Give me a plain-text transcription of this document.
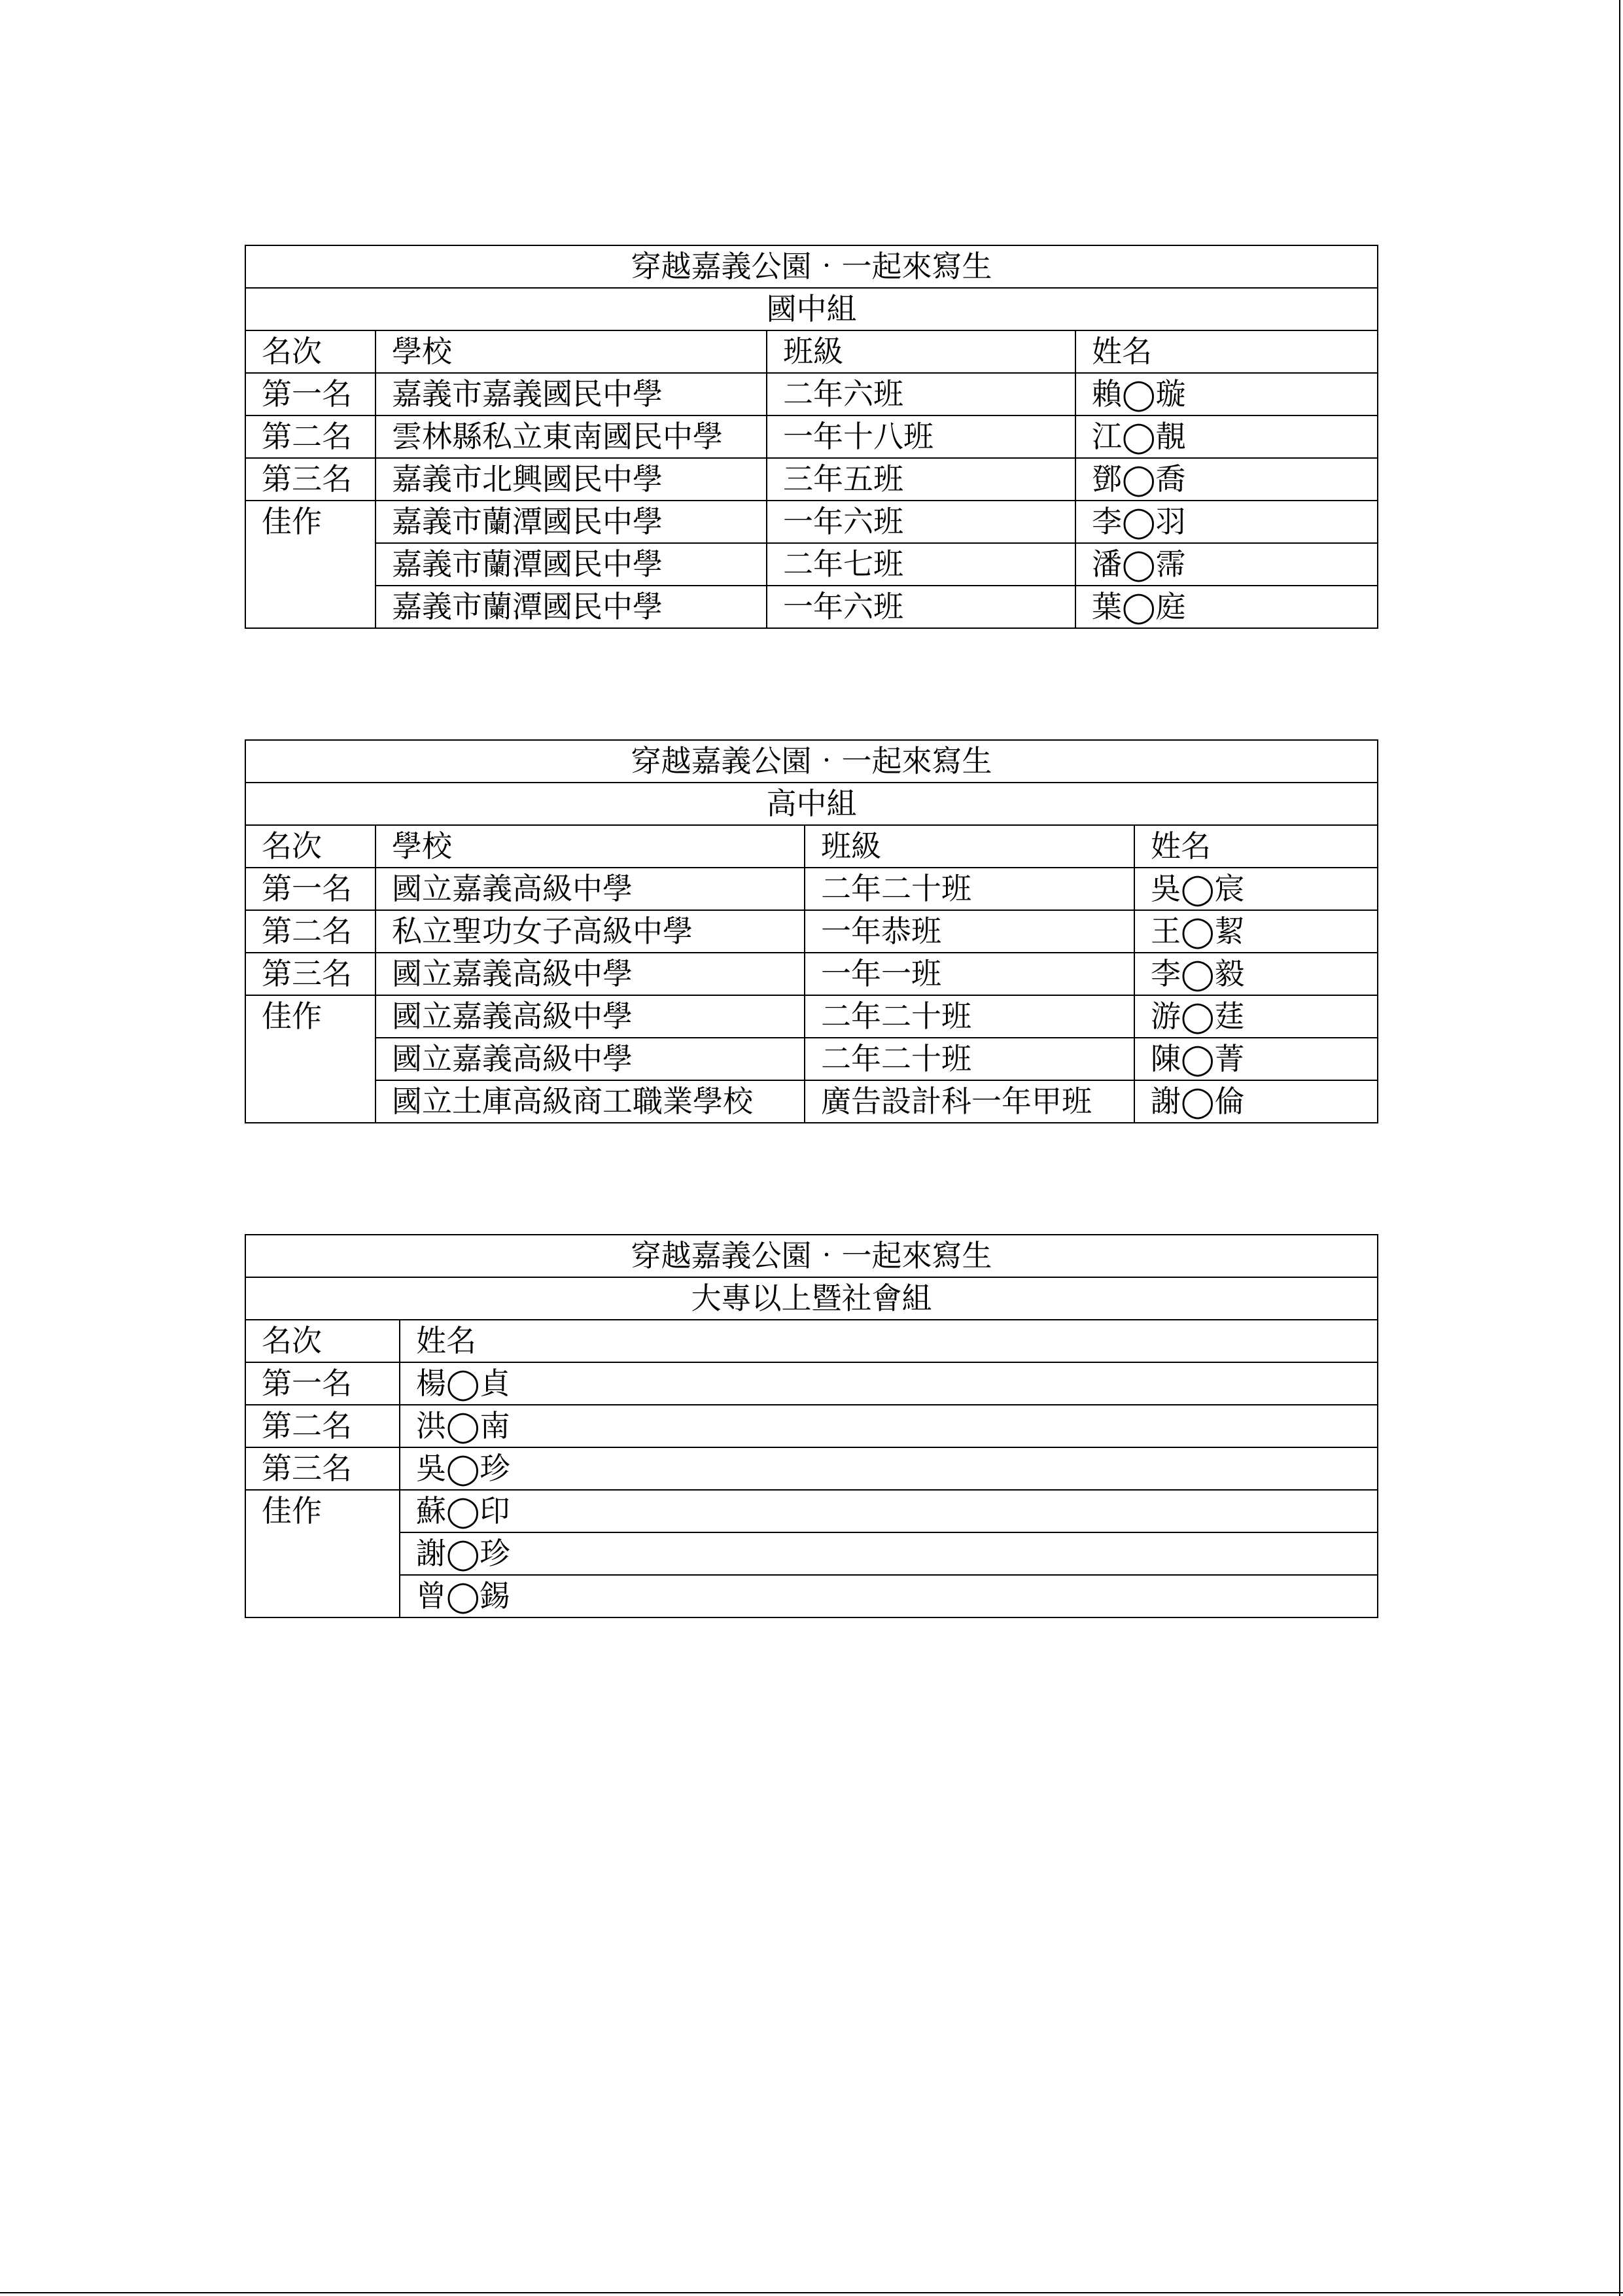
穿越嘉義公園‧一起來寫生			
國中組			
名次	學校	班級	姓名
第一名	嘉義市嘉義國民中學	二年六班	賴◯璇
第二名	雲林縣私立東南國民中學	一年十八班	江◯靚
第三名	嘉義市北興國民中學	三年五班	鄧◯喬
佳作	嘉義市蘭潭國民中學	一年六班	李◯羽
	嘉義市蘭潭國民中學	二年七班	潘◯霈
	嘉義市蘭潭國民中學	一年六班	葉◯庭
穿越嘉義公園‧一起來寫生			
高中組			
名次	學校	班級	姓名
第一名	國立嘉義高級中學	二年二十班	吳◯宸
第二名	私立聖功女子高級中學	一年恭班	王◯絜
第三名	國立嘉義高級中學	一年一班	李◯毅
佳作	國立嘉義高級中學	二年二十班	游◯莛
	國立嘉義高級中學	二年二十班	陳◯菁
	國立土庫高級商工職業學校	廣告設計科一年甲班	謝◯倫
穿越嘉義公園‧一起來寫生	
大專以上暨社會組	
名次	姓名
第一名	楊◯貞
第二名	洪◯南
第三名	吳◯珍
佳作	蘇◯印
	謝◯珍
	曾◯錫
